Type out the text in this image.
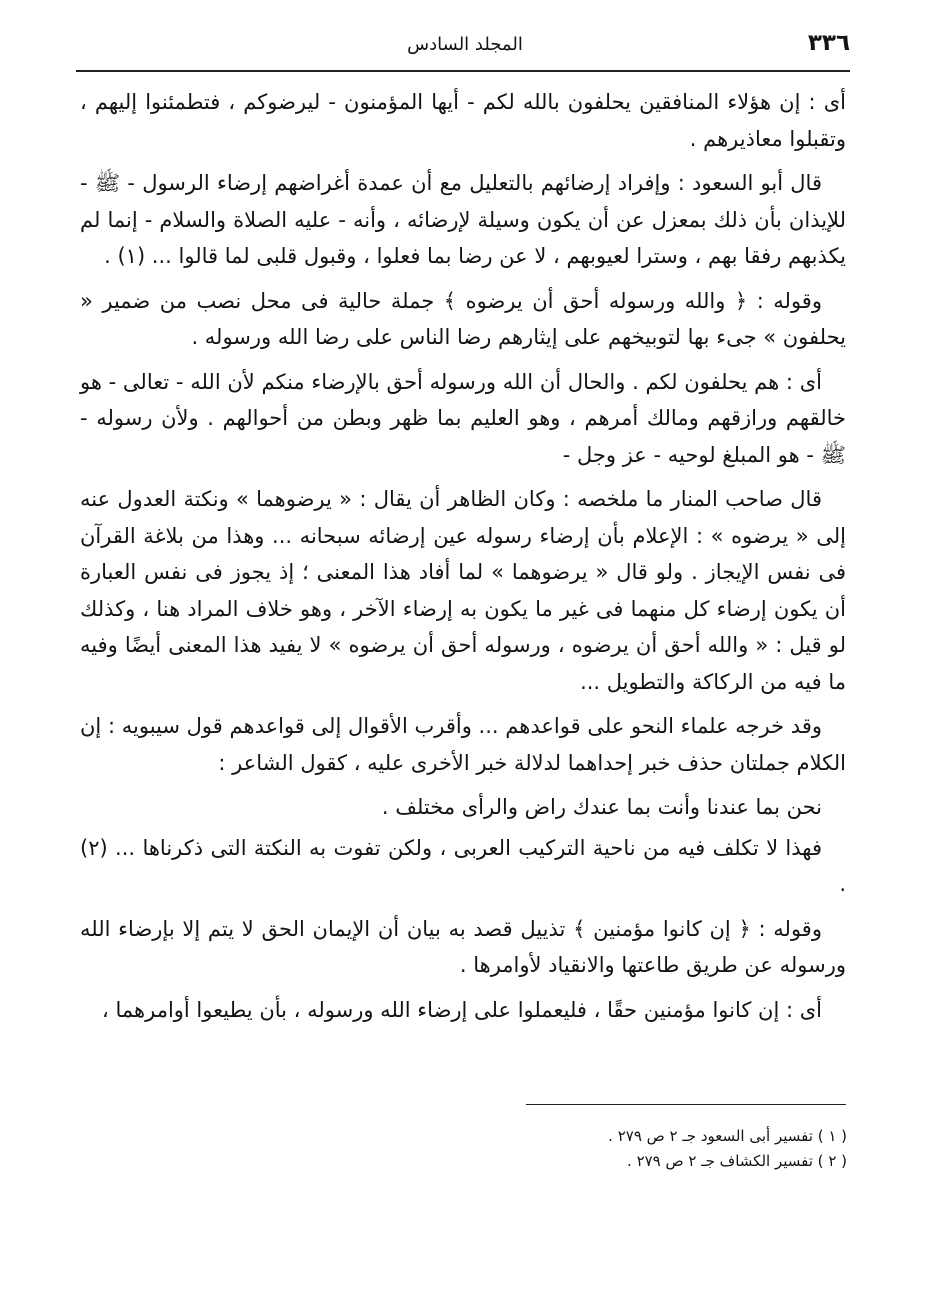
٣٣٦
المجلد السادس

أى : إن هؤلاء المنافقين يحلفون بالله لكم - أيها المؤمنون - ليرضوكم ، فتطمئنوا إليهم ، وتقبلوا معاذيرهم .

قال أبو السعود : وإفراد إرضائهم بالتعليل مع أن عمدة أغراضهم إرضاء الرسول - ﷺ - للإيذان بأن ذلك بمعزل عن أن يكون وسيلة لإرضائه ، وأنه - عليه الصلاة والسلام - إنما لم يكذبهم رفقا بهم ، وسترا لعيوبهم ، لا عن رضا بما فعلوا ، وقبول قلبى لما قالوا ... (١) .

وقوله : ﴿ والله ورسوله أحق أن يرضوه ﴾ جملة حالية فى محل نصب من ضمير « يحلفون » جىء بها لتوبيخهم على إيثارهم رضا الناس على رضا الله ورسوله .

أى : هم يحلفون لكم . والحال أن الله ورسوله أحق بالإرضاء منكم لأن الله - تعالى - هو خالقهم ورازقهم ومالك أمرهم ، وهو العليم بما ظهر وبطن من أحوالهم . ولأن رسوله - ﷺ - هو المبلغ لوحيه - عز وجل -

قال صاحب المنار ما ملخصه : وكان الظاهر أن يقال : « يرضوهما » ونكتة العدول عنه إلى « يرضوه » : الإعلام بأن إرضاء رسوله عين إرضائه سبحانه ... وهذا من بلاغة القرآن فى نفس الإيجاز . ولو قال « يرضوهما » لما أفاد هذا المعنى ؛ إذ يجوز فى نفس العبارة أن يكون إرضاء كل منهما فى غير ما يكون به إرضاء الآخر ، وهو خلاف المراد هنا ، وكذلك لو قيل : « والله أحق أن يرضوه ، ورسوله أحق أن يرضوه » لا يفيد هذا المعنى أيضًا وفيه ما فيه من الركاكة والتطويل ...

وقد خرجه علماء النحو على قواعدهم ... وأقرب الأقوال إلى قواعدهم قول سيبويه : إن الكلام جملتان حذف خبر إحداهما لدلالة خبر الأخرى عليه ، كقول الشاعر :

نحن بما عندنا وأنت بما عندك راض والرأى مختلف .

فهذا لا تكلف فيه من ناحية التركيب العربى ، ولكن تفوت به النكتة التى ذكرناها ... (٢) .

وقوله : ﴿ إن كانوا مؤمنين ﴾ تذييل قصد به بيان أن الإيمان الحق لا يتم إلا بإرضاء الله ورسوله عن طريق طاعتها والانقياد لأوامرها .

أى : إن كانوا مؤمنين حقًا ، فليعملوا على إرضاء الله ورسوله ، بأن يطيعوا أوامرهما ،

( ١ ) تفسير أبى السعود جـ ٢ ص ٢٧٩ .

( ٢ ) تفسير الكشاف جـ ٢ ص ٢٧٩ .
